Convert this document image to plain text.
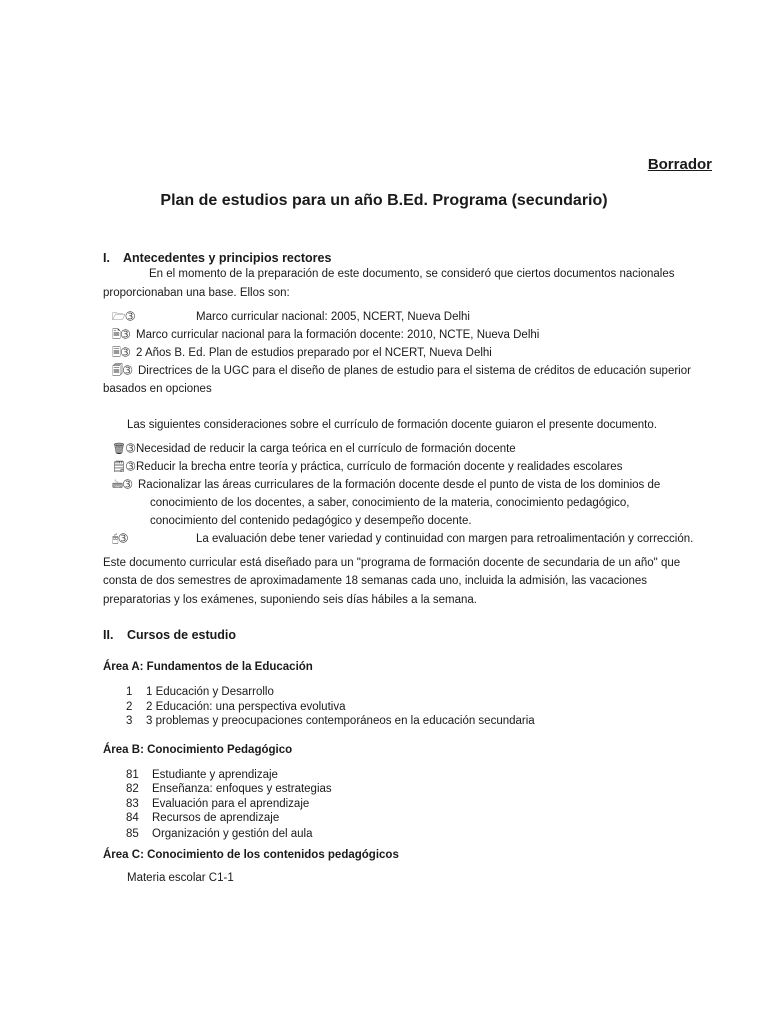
Borrador
Plan de estudios para un año B.Ed. Programa (secundario)
I. Antecedentes y principios rectores
En el momento de la preparación de este documento, se consideró que ciertos documentos nacionales
proporcionaban una base. Ellos son:
🗁➂	Marco curricular nacional: 2005, NCERT, Nueva Delhi
🗎➂ Marco curricular nacional para la formación docente: 2010, NCTE, Nueva Delhi
🗏➂ 2 Años B. Ed. Plan de estudios preparado por el NCERT, Nueva Delhi
🗐➂ Directrices de la UGC para el diseño de planes de estudio para el sistema de créditos de educación superior
basados en opciones
Las siguientes consideraciones sobre el currículo de formación docente guiaron el presente documento.
🗑➂Necesidad de reducir la carga teórica en el currículo de formación docente
🗒➂Reducir la brecha entre teoría y práctica, currículo de formación docente y realidades escolares
🖮➂ Racionalizar las áreas curriculares de la formación docente desde el punto de vista de los dominios de
conocimiento de los docentes, a saber, conocimiento de la materia, conocimiento pedagógico,
conocimiento del contenido pedagógico y desempeño docente.
🖰➂	La evaluación debe tener variedad y continuidad con margen para retroalimentación y corrección.
Este documento curricular está diseñado para un "programa de formación docente de secundaria de un año" que
consta de dos semestres de aproximadamente 18 semanas cada uno, incluida la admisión, las vacaciones
preparatorias y los exámenes, suponiendo seis días hábiles a la semana.
II. Cursos de estudio
Área A: Fundamentos de la Educación
1 1 Educación y Desarrollo
2 2 Educación: una perspectiva evolutiva
3 3 problemas y preocupaciones contemporáneos en la educación secundaria
Área B: Conocimiento Pedagógico
81 Estudiante y aprendizaje
82 Enseñanza: enfoques y estrategias
83 Evaluación para el aprendizaje
84 Recursos de aprendizaje
85 Organización y gestión del aula
Área C: Conocimiento de los contenidos pedagógicos
Materia escolar C1-1
